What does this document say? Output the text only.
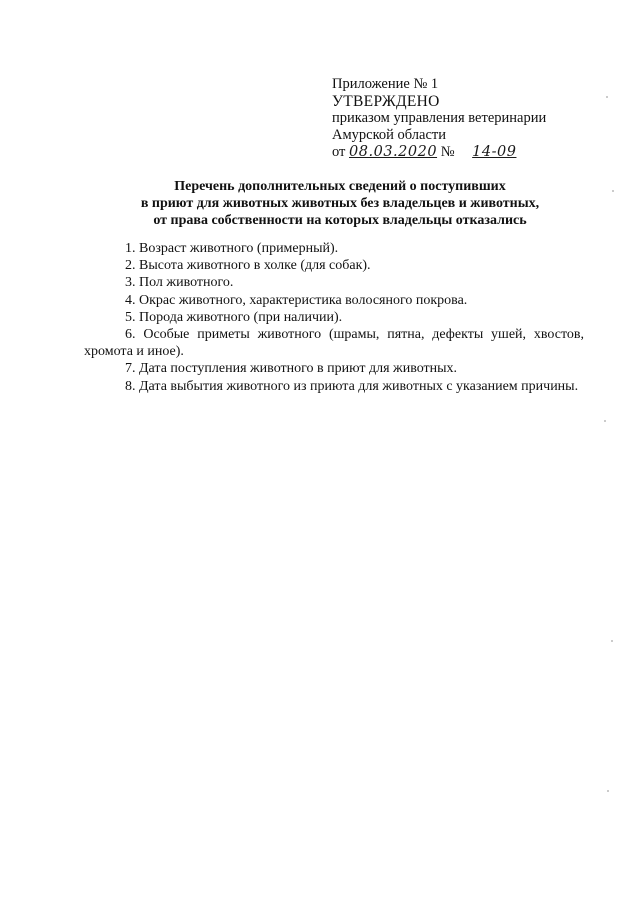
Приложение № 1
УТВЕРЖДЕНО
приказом управления ветеринарии
Амурской области
от 08.03.2020 № 14-09
Перечень дополнительных сведений о поступивших
в приют для животных животных без владельцев и животных,
от права собственности на которых владельцы отказались
1. Возраст животного (примерный).
2. Высота животного в холке (для собак).
3. Пол животного.
4. Окрас животного, характеристика волосяного покрова.
5. Порода животного (при наличии).
6. Особые приметы животного (шрамы, пятна, дефекты ушей, хвостов, хромота и иное).
7. Дата поступления животного в приют для животных.
8. Дата выбытия животного из приюта для животных с указанием причины.
